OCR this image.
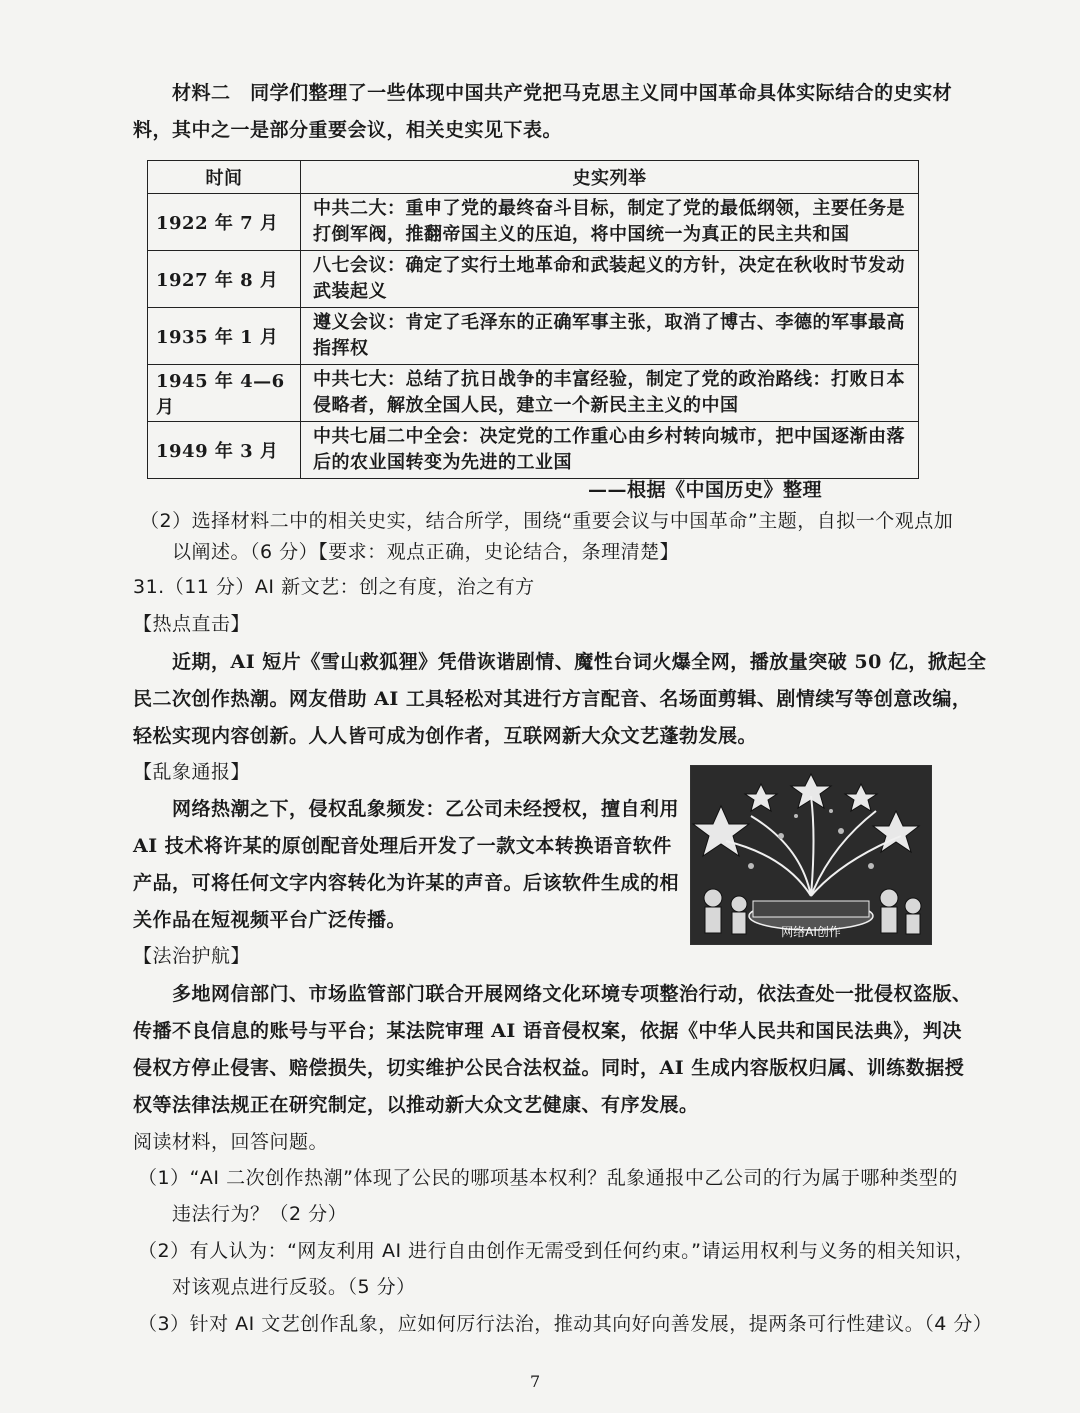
材料二 同学们整理了一些体现中国共产党把马克思主义同中国革命具体实际结合的史实材
料，其中之一是部分重要会议，相关史实见下表。
时间	史实列举
1922 年 7 月	中共二大：重申了党的最终奋斗目标，制定了党的最低纲领，主要任务是
打倒军阀，推翻帝国主义的压迫，将中国统一为真正的民主共和国

1927 年 8 月	八七会议：确定了实行土地革命和武装起义的方针，决定在秋收时节发动
武装起义

1935 年 1 月	遵义会议：肯定了毛泽东的正确军事主张，取消了博古、李德的军事最高
指挥权

1945 年 4—6 月	中共七大：总结了抗日战争的丰富经验，制定了党的政治路线：打败日本
侵略者，解放全国人民，建立一个新民主主义的中国

1949 年 3 月	中共七届二中全会：决定党的工作重心由乡村转向城市，把中国逐渐由落
后的农业国转变为先进的工业国
——根据《中国历史》整理
（2）选择材料二中的相关史实，结合所学，围绕“重要会议与中国革命”主题，自拟一个观点加
以阐述。（6 分）【要求：观点正确，史论结合，条理清楚】
31.（11 分）AI 新文艺：创之有度，治之有方
【热点直击】
近期，AI 短片《雪山救狐狸》凭借诙谐剧情、魔性台词火爆全网，播放量突破 50 亿，掀起全
民二次创作热潮。网友借助 AI 工具轻松对其进行方言配音、名场面剪辑、剧情续写等创意改编，
轻松实现内容创新。人人皆可成为创作者，互联网新大众文艺蓬勃发展。
【乱象通报】
网络热潮之下，侵权乱象频发：乙公司未经授权，擅自利用
AI 技术将许某的原创配音处理后开发了一款文本转换语音软件
产品，可将任何文字内容转化为许某的声音。后该软件生成的相
关作品在短视频平台广泛传播。
网络AI创作
【法治护航】
多地网信部门、市场监管部门联合开展网络文化环境专项整治行动，依法查处一批侵权盗版、
传播不良信息的账号与平台；某法院审理 AI 语音侵权案，依据《中华人民共和国民法典》，判决
侵权方停止侵害、赔偿损失，切实维护公民合法权益。同时，AI 生成内容版权归属、训练数据授
权等法律法规正在研究制定，以推动新大众文艺健康、有序发展。
阅读材料，回答问题。
（1）“AI 二次创作热潮”体现了公民的哪项基本权利？乱象通报中乙公司的行为属于哪种类型的
违法行为？（2 分）
（2）有人认为：“网友利用 AI 进行自由创作无需受到任何约束。”请运用权利与义务的相关知识，
对该观点进行反驳。（5 分）
（3）针对 AI 文艺创作乱象，应如何厉行法治，推动其向好向善发展，提两条可行性建议。（4 分）
7
